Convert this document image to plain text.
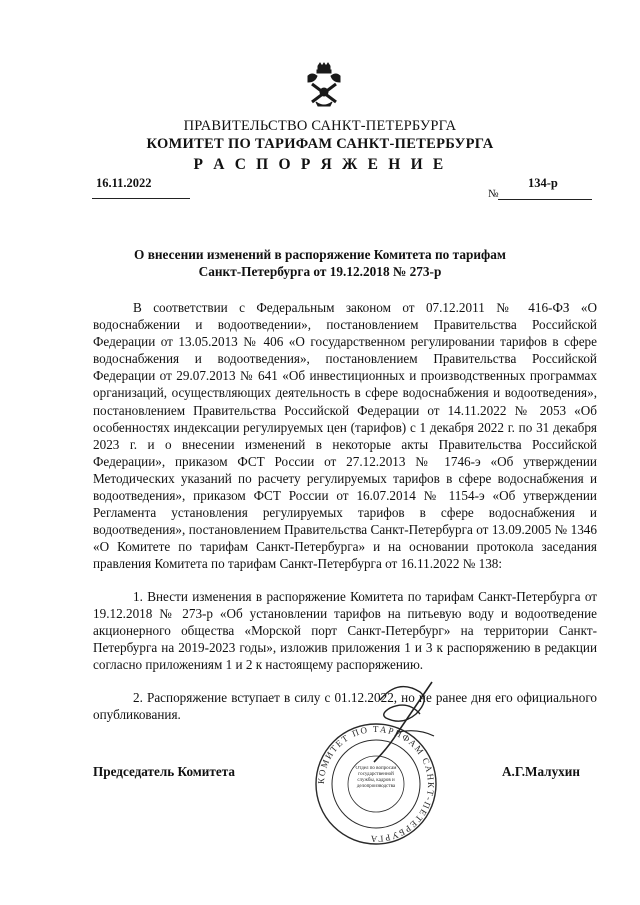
ПРАВИТЕЛЬСТВО САНКТ-ПЕТЕРБУРГА
КОМИТЕТ ПО ТАРИФАМ САНКТ-ПЕТЕРБУРГА
Р А С П О Р Я Ж Е Н И Е
16.11.2022	134-р
№
О внесении изменений в распоряжение Комитета по тарифам
Санкт-Петербурга от 19.12.2018 № 273-р
В соответствии с Федеральным законом от 07.12.2011 № 416-ФЗ «О водоснабжении и водоотведении», постановлением Правительства Российской Федерации от 13.05.2013 № 406 «О государственном регулировании тарифов в сфере водоснабжения и водоотведения», постановлением Правительства Российской Федерации от 29.07.2013 № 641 «Об инвестиционных и производственных программах организаций, осуществляющих деятельность в сфере водоснабжения и водоотведения», постановлением Правительства Российской Федерации от 14.11.2022 № 2053 «Об особенностях индексации регулируемых цен (тарифов) с 1 декабря 2022 г. по 31 декабря 2023 г. и о внесении изменений в некоторые акты Правительства Российской Федерации», приказом ФСТ России от 27.12.2013 № 1746-э «Об утверждении Методических указаний по расчету регулируемых тарифов в сфере водоснабжения и водоотведения», приказом ФСТ России от 16.07.2014 № 1154-э «Об утверждении Регламента установления регулируемых тарифов в сфере водоснабжения и водоотведения», постановлением Правительства Санкт-Петербурга от 13.09.2005 № 1346 «О Комитете по тарифам Санкт-Петербурга» и на основании протокола заседания правления Комитета по тарифам Санкт-Петербурга от 16.11.2022 № 138:
1. Внести изменения в распоряжение Комитета по тарифам Санкт-Петербурга от 19.12.2018 № 273-р «Об установлении тарифов на питьевую воду и водоотведение акционерного общества «Морской порт Санкт-Петербург» на территории Санкт-Петербурга на 2019-2023 годы», изложив приложения 1 и 3 к распоряжению в редакции согласно приложениям 1 и 2 к настоящему распоряжению.
2. Распоряжение вступает в силу с 01.12.2022, но не ранее дня его официального опубликования.
КОМИТЕТ ПО ТАРИФАМ САНКТ-ПЕТЕРБУРГА
Отдел по вопросам государственной службы, кадров и делопроизводства
Председатель Комитета	А.Г.Малухин
